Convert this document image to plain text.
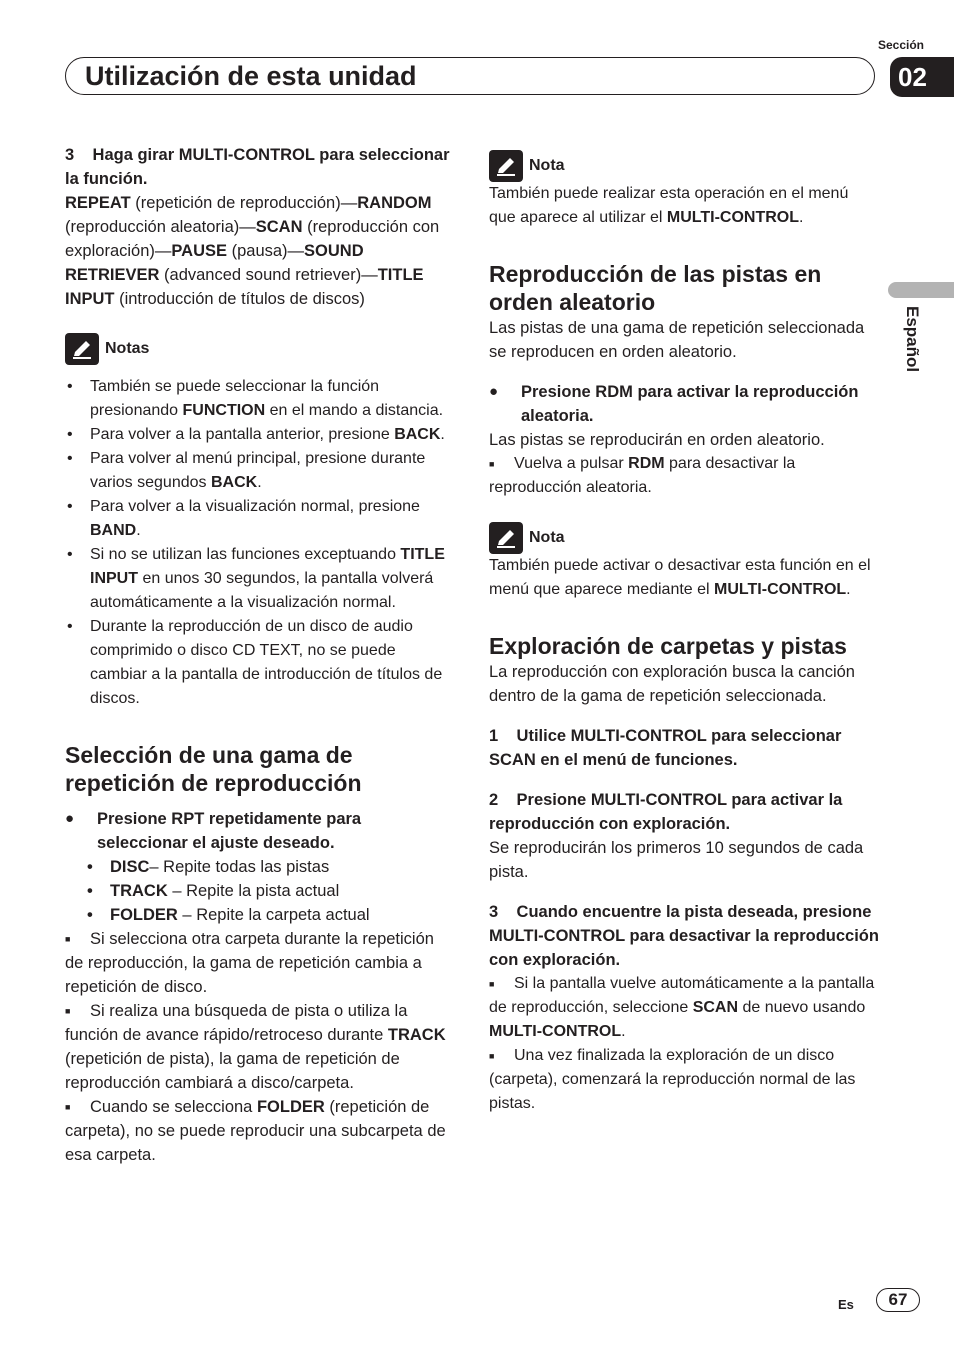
Utilización de esta unidad
Sección
02
Español

3 Haga girar MULTI-CONTROL para seleccionar la función.

REPEAT (repetición de reproducción)—RANDOM (reproducción aleatoria)—SCAN (reproducción con exploración)—PAUSE (pausa)—SOUND RETRIEVER (advanced sound retriever)—TITLE INPUT (introducción de títulos de discos)

Notas

• También se puede seleccionar la función presionando FUNCTION en el mando a distancia.

• Para volver a la pantalla anterior, presione BACK.

• Para volver al menú principal, presione durante varios segundos BACK.

• Para volver a la visualización normal, presione BAND.

• Si no se utilizan las funciones exceptuando TITLE INPUT en unos 30 segundos, la pantalla volverá automáticamente a la visualización normal.

• Durante la reproducción de un disco de audio comprimido o disco CD TEXT, no se puede cambiar a la pantalla de introducción de títulos de discos.

Selección de una gama de repetición de reproducción

● Presione RPT repetidamente para seleccionar el ajuste deseado.

• DISC– Repite todas las pistas

• TRACK – Repite la pista actual

• FOLDER – Repite la carpeta actual

■ Si selecciona otra carpeta durante la repetición de reproducción, la gama de repetición cambia a repetición de disco.

■ Si realiza una búsqueda de pista o utiliza la función de avance rápido/retroceso durante TRACK (repetición de pista), la gama de repetición de reproducción cambiará a disco/carpeta.

■ Cuando se selecciona FOLDER (repetición de carpeta), no se puede reproducir una subcarpeta de esa carpeta.

Nota

También puede realizar esta operación en el menú que aparece al utilizar el MULTI-CONTROL.

Reproducción de las pistas en orden aleatorio

Las pistas de una gama de repetición seleccionada se reproducen en orden aleatorio.

● Presione RDM para activar la reproducción aleatoria.

Las pistas se reproducirán en orden aleatorio.

■ Vuelva a pulsar RDM para desactivar la reproducción aleatoria.

Nota

También puede activar o desactivar esta función en el menú que aparece mediante el MULTI-CONTROL.

Exploración de carpetas y pistas

La reproducción con exploración busca la canción dentro de la gama de repetición seleccionada.

1 Utilice MULTI-CONTROL para seleccionar SCAN en el menú de funciones.

2 Presione MULTI-CONTROL para activar la reproducción con exploración.

Se reproducirán los primeros 10 segundos de cada pista.

3 Cuando encuentre la pista deseada, presione MULTI-CONTROL para desactivar la reproducción con exploración.

■ Si la pantalla vuelve automáticamente a la pantalla de reproducción, seleccione SCAN de nuevo usando MULTI-CONTROL.

■ Una vez finalizada la exploración de un disco (carpeta), comenzará la reproducción normal de las pistas.

Es	67
